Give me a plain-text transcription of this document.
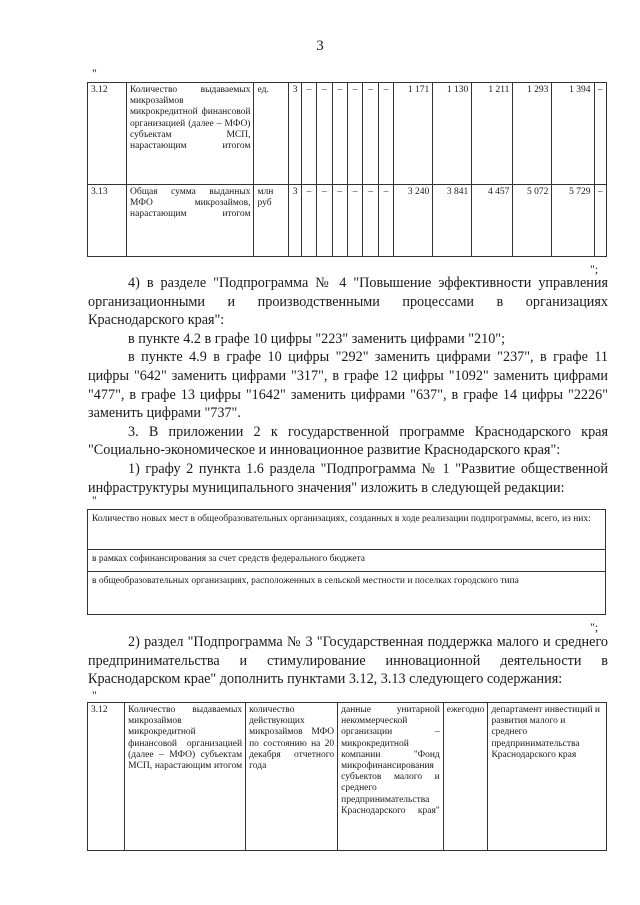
3
"
3.12	Количество выдаваемых микрозаймов микрокредитной финансовой организацией (далее – МФО) субъектам МСП, нарастающим итогом	ед.	3	–	–	–	–	–	–	1 171	1 130	1 211	1 293	1 394	–
3.13	Общая сумма выданных МФО микрозаймов, нарастающим итогом	млн руб	3	–	–	–	–	–	–	3 240	3 841	4 457	5 072	5 729	–
";

4) в разделе "Подпрограмма № 4 "Повышение эффективности управления организационными и производственными процессами в организациях Краснодарского края":

в пункте 4.2 в графе 10 цифры "223" заменить цифрами "210";

в пункте 4.9 в графе 10 цифры "292" заменить цифрами "237", в графе 11 цифры "642" заменить цифрами "317", в графе 12 цифры "1092" заменить цифрами "477", в графе 13 цифры "1642" заменить цифрами "637", в графе 14 цифры "2226" заменить цифрами "737".

3. В приложении 2 к государственной программе Краснодарского края "Социально-экономическое и инновационное развитие Краснодарского края":

1) графу 2 пункта 1.6 раздела "Подпрограмма № 1 "Развитие общественной инфраструктуры муниципального значения" изложить в следующей редакции:

"
Количество новых мест в общеобразовательных организациях, созданных в ходе реализации подпрограммы, всего, из них:
в рамках софинансирования за счет средств федерального бюджета
в общеобразовательных организациях, расположенных в сельской местности и поселках городского типа
";

2) раздел "Подпрограмма № 3 "Государственная поддержка малого и среднего предпринимательства и стимулирование инновационной деятельности в Краснодарском крае" дополнить пунктами 3.12, 3.13 следующего содержания:

"
3.12	Количество выдаваемых микрозаймов микрокредитной финансовой организацией (далее – МФО) субъектам МСП, нарастающим итогом	количество действующих микрозаймов МФО по состоянию на 20 декабря отчетного года	данные унитарной некоммерческой организации – микрокредитной компании "Фонд микрофинансирования субъектов малого и среднего предпринимательства Краснодарского края"	ежегодно	департамент инвестиций и развития малого и среднего предпринимательства Краснодарского края
